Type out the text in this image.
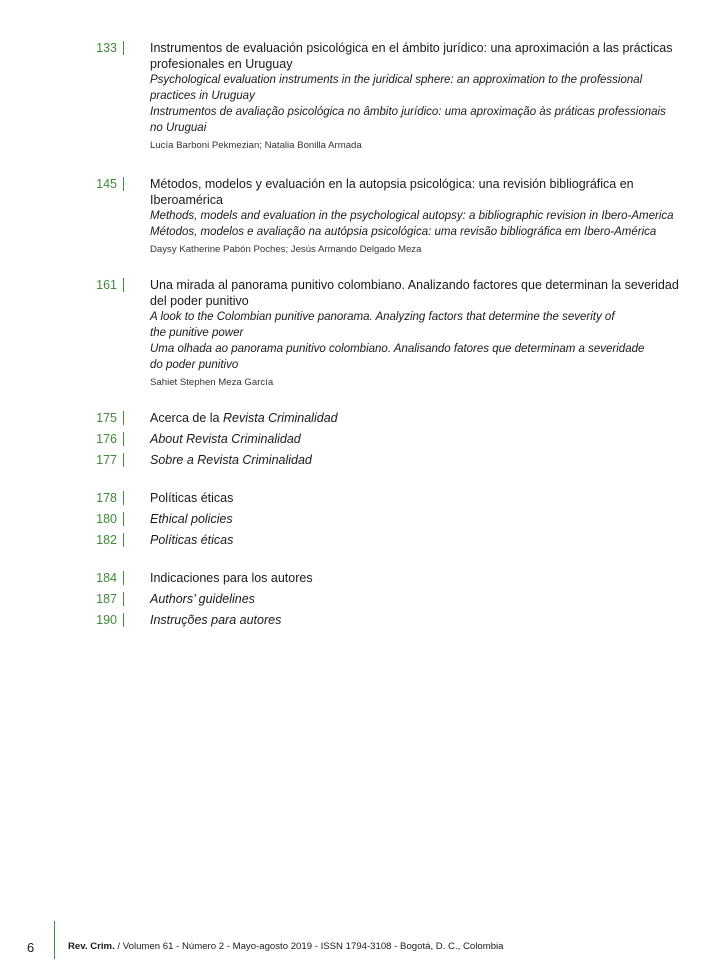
133	Instrumentos de evaluación psicológica en el ámbito jurídico: una aproximación a las prácticas profesionales en Uruguay
Psychological evaluation instruments in the juridical sphere: an approximation to the professional practices in Uruguay
Instrumentos de avaliação psicológica no âmbito jurídico: uma aproximação às práticas professionais no Uruguai
Lucía Barboni Pekmezian; Natalia Bonilla Armada
145	Métodos, modelos y evaluación en la autopsia psicológica: una revisión bibliográfica en Iberoamérica
Methods, models and evaluation in the psychological autopsy: a bibliographic revision in Ibero-America
Métodos, modelos e avaliação na autópsia psicológica: uma revisão bibliográfica em Ibero-América
Daysy Katherine Pabón Poches; Jesús Armando Delgado Meza
161	Una mirada al panorama punitivo colombiano. Analizando factores que determinan la severidad del poder punitivo
A look to the Colombian punitive panorama. Analyzing factors that determine the severity of the punitive power
Uma olhada ao panorama punitivo colombiano. Analisando fatores que determinam a severidade do poder punitivo
Sahiet Stephen Meza García
175	Acerca de la Revista Criminalidad
176	About Revista Criminalidad
177	Sobre a Revista Criminalidad
178	Políticas éticas
180	Ethical policies
182	Políticas éticas
184	Indicaciones para los autores
187	Authors’ guidelines
190	Instruções para autores
6	Rev. Crim. / Volumen 61 - Número 2 - Mayo-agosto 2019 - ISSN 1794-3108 - Bogotá, D. C., Colombia
